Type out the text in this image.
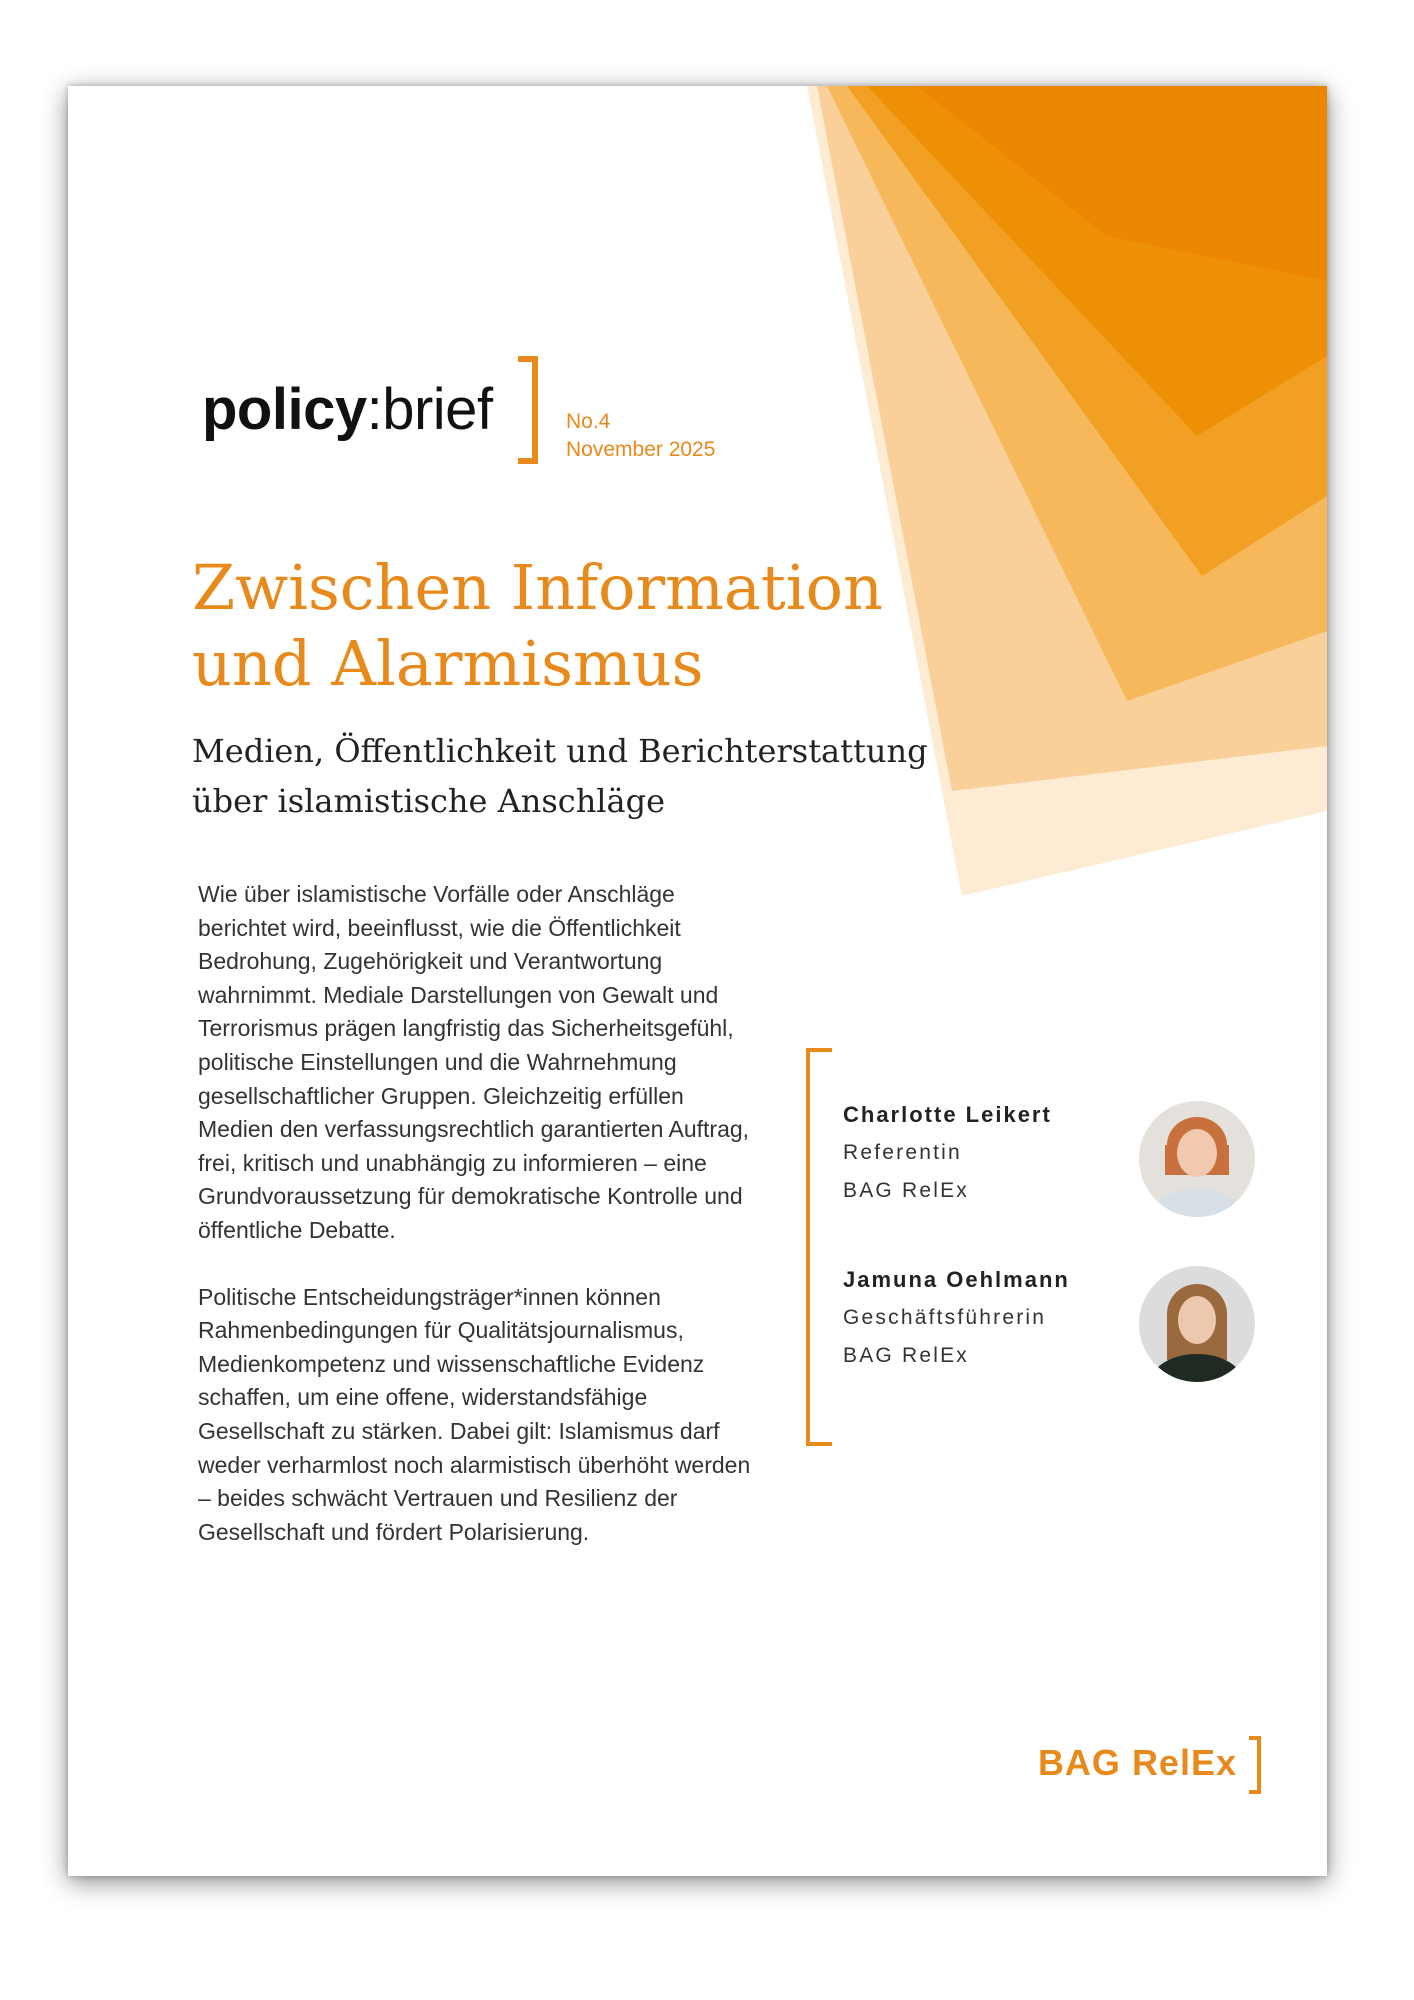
policy:brief	No.4
November 2025
Zwischen Information
und Alarmismus
Medien, Öffentlichkeit und Berichterstattung
über islamistische Anschläge

Wie über islamistische Vorfälle oder Anschläge berichtet wird, beeinflusst, wie die Öffentlichkeit Bedrohung, Zugehörigkeit und Verantwortung wahrnimmt. Mediale Darstellungen von Gewalt und Terrorismus prägen langfristig das Sicherheitsgefühl, politische Einstellungen und die Wahrnehmung gesellschaftlicher Gruppen. Gleichzeitig erfüllen Medien den verfassungsrechtlich garantierten Auftrag, frei, kritisch und unabhängig zu informieren – eine Grundvoraussetzung für demokratische Kontrolle und öffentliche Debatte.

Politische Entscheidungsträger*innen können Rahmenbedingungen für Qualitätsjournalismus, Medienkompetenz und wissenschaftliche Evidenz schaffen, um eine offene, widerstandsfähige Gesellschaft zu stärken. Dabei gilt: Islamismus darf weder verharmlost noch alarmistisch überhöht werden – beides schwächt Vertrauen und Resilienz der Gesellschaft und fördert Polarisierung.

Charlotte Leikert
Referentin
BAG RelEx
Jamuna Oehlmann
Geschäftsführerin
BAG RelEx
BAG RelEx
